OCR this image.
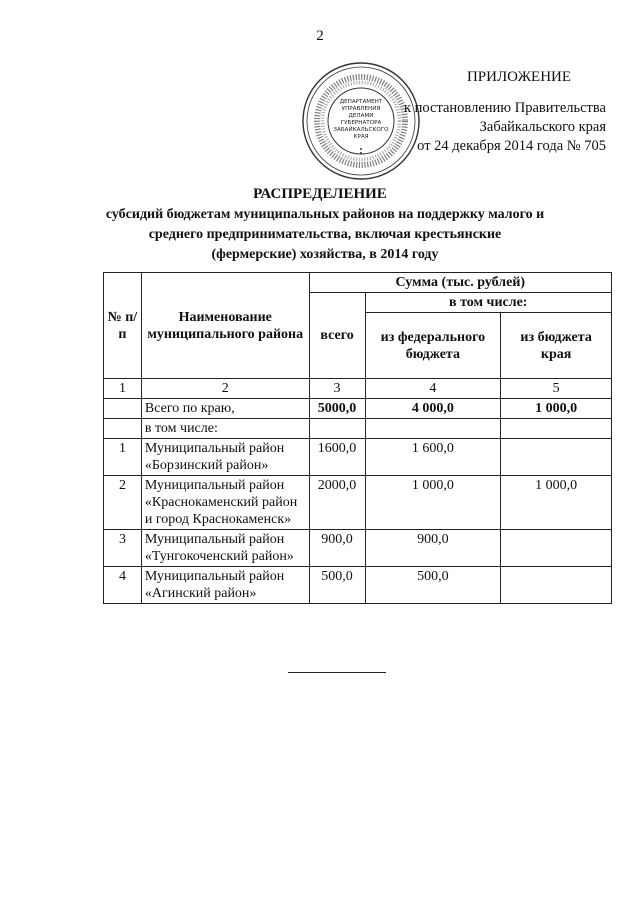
2
ДЕПАРТАМЕНТ
УПРАВЛЕНИЯ
ДЕЛАМИ
ГУБЕРНАТОРА
ЗАБАЙКАЛЬСКОГО
КРАЯ
ПРИЛОЖЕНИЕ
к постановлению Правительства
Забайкальского края
от 24 декабря 2014 года № 705
РАСПРЕДЕЛЕНИЕ
субсидий бюджетам муниципальных районов на поддержку малого и среднего предпринимательства, включая крестьянские (фермерские) хозяйства, в 2014 году
№ п/п	Наименование муниципального района	Сумма (тыс. рублей)		
		всего	в том числе:	
			из федерального бюджета	из бюджета края
1	2	3	4	5
	Всего по краю,	5000,0	4 000,0	1 000,0
	в том числе:			
1	Муниципальный район «Борзинский район»	1600,0	1 600,0	
2	Муниципальный район «Краснокаменский район и город Краснокаменск»	2000,0	1 000,0	1 000,0
3	Муниципальный район «Тунгокоченский район»	900,0	900,0	
4	Муниципальный район «Агинский район»	500,0	500,0	
